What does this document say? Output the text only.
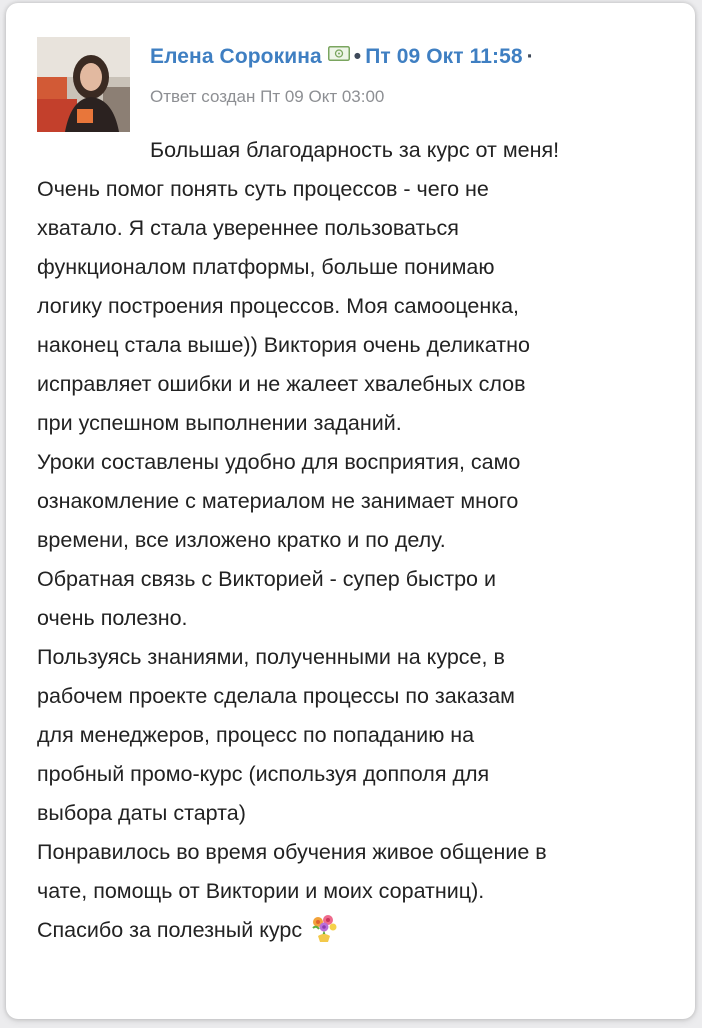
Елена Сорокина • Пт 09 Окт 11:58 ·
Ответ создан Пт 09 Окт 03:00
Большая благодарность за курс от меня!
Очень помог понять суть процессов - чего не
хватало. Я стала увереннее пользоваться
функционалом платформы, больше понимаю
логику построения процессов. Моя самооценка,
наконец стала выше)) Виктория очень деликатно
исправляет ошибки и не жалеет хвалебных слов
при успешном выполнении заданий.
Уроки составлены удобно для восприятия, само
ознакомление с материалом не занимает много
времени, все изложено кратко и по делу.
Обратная связь с Викторией - супер быстро и
очень полезно.
Пользуясь знаниями, полученными на курсе, в
рабочем проекте сделала процессы по заказам
для менеджеров, процесс по попаданию на
пробный промо-курс (используя допполя для
выбора даты старта)
Понравилось во время обучения живое общение в
чате, помощь от Виктории и моих соратниц).
Спасибо за полезный курс
